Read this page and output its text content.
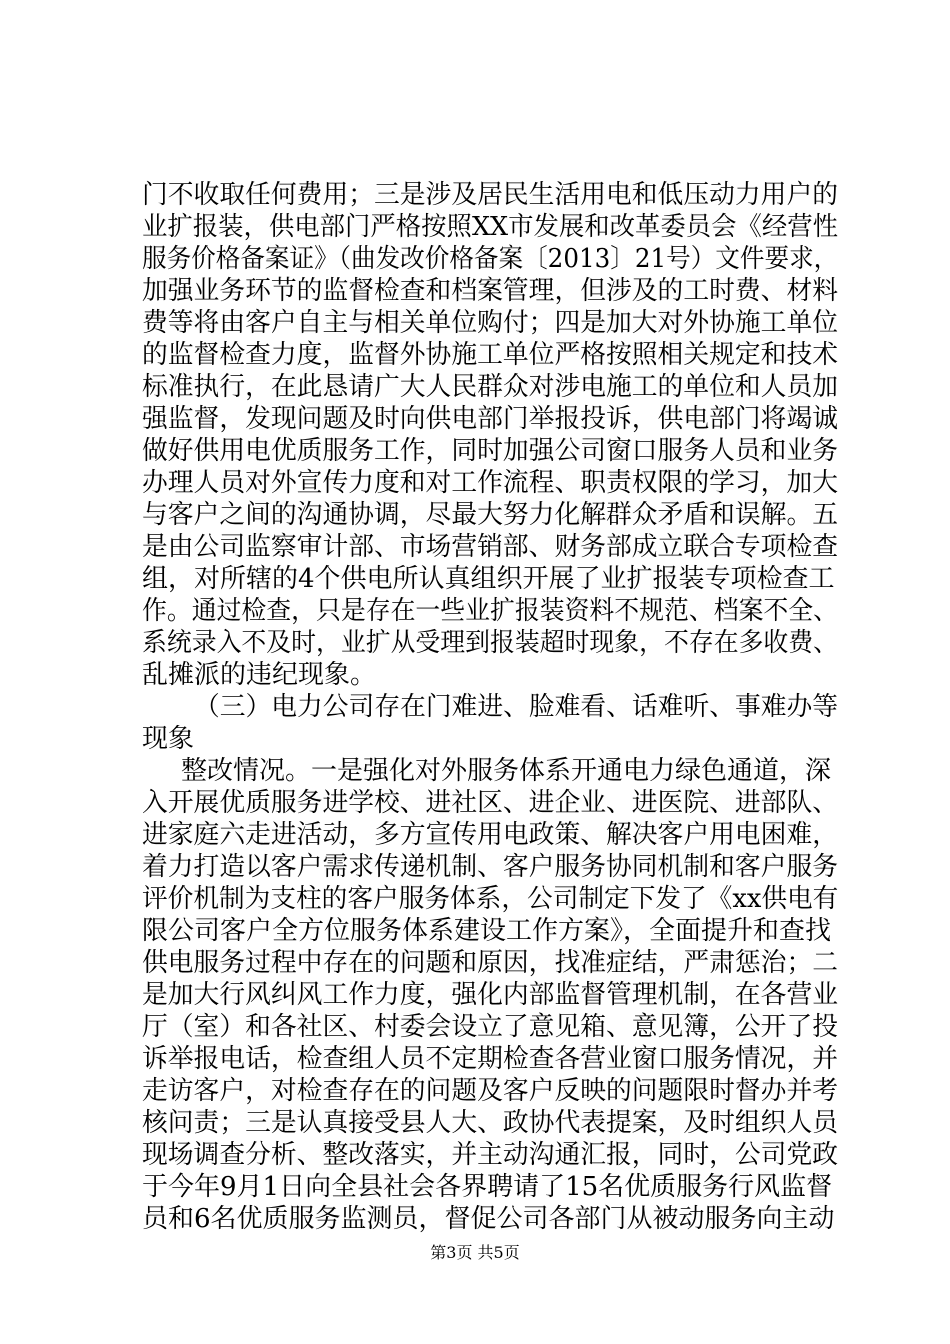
门不收取任何费用；三是涉及居民生活用电和低压动力用户的
业扩报装，供电部门严格按照XX市发展和改革委员会《经营性
服务价格备案证》（曲发改价格备案〔2013〕21号）文件要求，
加强业务环节的监督检查和档案管理，但涉及的工时费、材料
费等将由客户自主与相关单位购付；四是加大对外协施工单位
的监督检查力度，监督外协施工单位严格按照相关规定和技术
标准执行，在此恳请广大人民群众对涉电施工的单位和人员加
强监督，发现问题及时向供电部门举报投诉，供电部门将竭诚
做好供用电优质服务工作，同时加强公司窗口服务人员和业务
办理人员对外宣传力度和对工作流程、职责权限的学习，加大
与客户之间的沟通协调，尽最大努力化解群众矛盾和误解。五
是由公司监察审计部、市场营销部、财务部成立联合专项检查
组，对所辖的4个供电所认真组织开展了业扩报装专项检查工
作。通过检查，只是存在一些业扩报装资料不规范、档案不全、
系统录入不及时，业扩从受理到报装超时现象，不存在多收费、
乱摊派的违纪现象。
（三）电力公司存在门难进、脸难看、话难听、事难办等
现象
整改情况。一是强化对外服务体系开通电力绿色通道，深
入开展优质服务进学校、进社区、进企业、进医院、进部队、
进家庭六走进活动，多方宣传用电政策、解决客户用电困难，
着力打造以客户需求传递机制、客户服务协同机制和客户服务
评价机制为支柱的客户服务体系，公司制定下发了《xx供电有
限公司客户全方位服务体系建设工作方案》，全面提升和查找
供电服务过程中存在的问题和原因，找准症结，严肃惩治；二
是加大行风纠风工作力度，强化内部监督管理机制，在各营业
厅（室）和各社区、村委会设立了意见箱、意见簿，公开了投
诉举报电话，检查组人员不定期检查各营业窗口服务情况，并
走访客户，对检查存在的问题及客户反映的问题限时督办并考
核问责；三是认真接受县人大、政协代表提案，及时组织人员
现场调查分析、整改落实，并主动沟通汇报，同时，公司党政
于今年9月1日向全县社会各界聘请了15名优质服务行风监督
员和6名优质服务监测员，督促公司各部门从被动服务向主动
第3页 共5页
